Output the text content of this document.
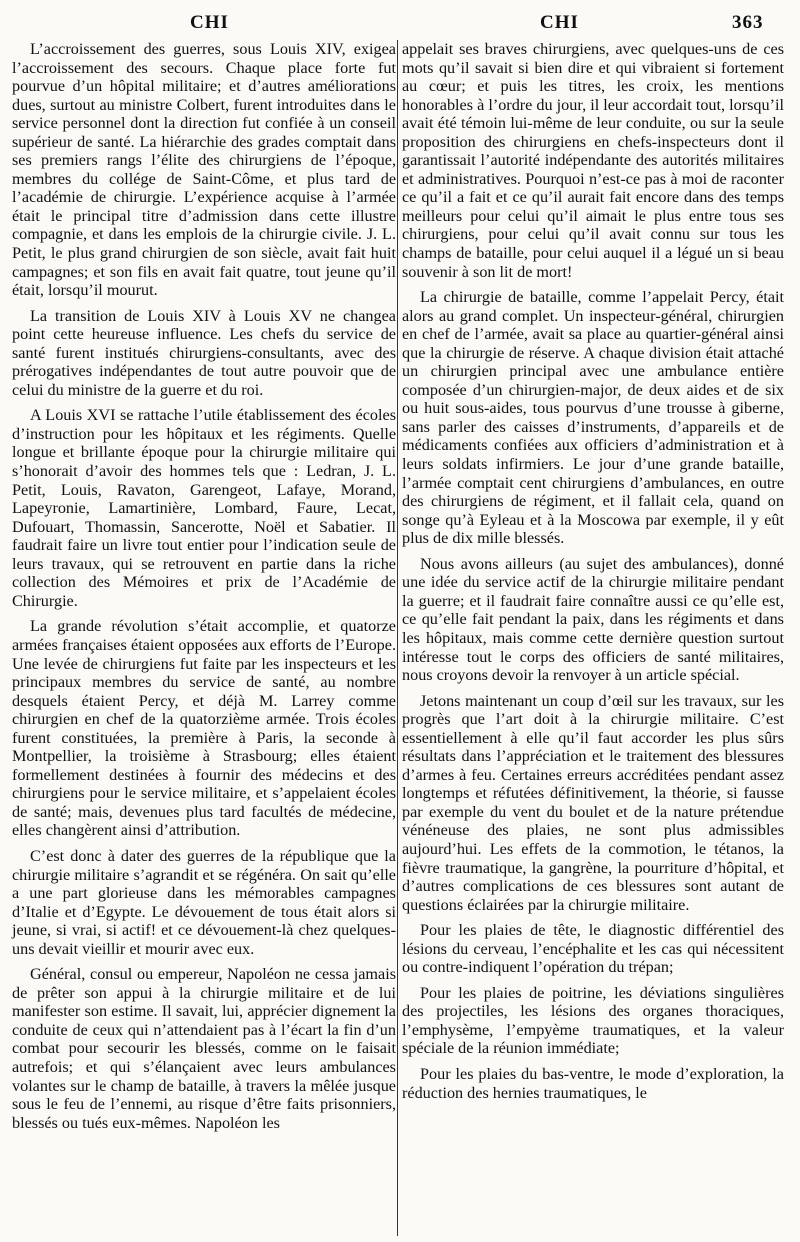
CHI	CHI	363

L’accroissement des guerres, sous Louis XIV, exigea l’accroissement des secours. Chaque place forte fut pourvue d’un hôpital militaire; et d’autres améliorations dues, surtout au ministre Colbert, furent introduites dans le service personnel dont la direction fut confiée à un conseil supérieur de santé. La hiérarchie des grades comptait dans ses premiers rangs l’élite des chirurgiens de l’époque, membres du collége de Saint-Côme, et plus tard de l’académie de chirurgie. L’expérience acquise à l’armée était le principal titre d’admission dans cette illustre compagnie, et dans les emplois de la chirurgie civile. J. L. Petit, le plus grand chirurgien de son siècle, avait fait huit campagnes; et son fils en avait fait quatre, tout jeune qu’il était, lorsqu’il mourut.

La transition de Louis XIV à Louis XV ne changea point cette heureuse influence. Les chefs du service de santé furent institués chirurgiens-consultants, avec des prérogatives indépendantes de tout autre pouvoir que de celui du ministre de la guerre et du roi.

A Louis XVI se rattache l’utile établissement des écoles d’instruction pour les hôpitaux et les régiments. Quelle longue et brillante époque pour la chirurgie militaire qui s’honorait d’avoir des hommes tels que : Ledran, J. L. Petit, Louis, Ravaton, Garengeot, Lafaye, Morand, Lapeyronie, Lamartinière, Lombard, Faure, Lecat, Dufouart, Thomassin, Sancerotte, Noël et Sabatier. Il faudrait faire un livre tout entier pour l’indication seule de leurs travaux, qui se retrouvent en partie dans la riche collection des Mémoires et prix de l’Académie de Chirurgie.

La grande révolution s’était accomplie, et quatorze armées françaises étaient opposées aux efforts de l’Europe. Une levée de chirurgiens fut faite par les inspecteurs et les principaux membres du service de santé, au nombre desquels étaient Percy, et déjà M. Larrey comme chirurgien en chef de la quatorzième armée. Trois écoles furent constituées, la première à Paris, la seconde à Montpellier, la troisième à Strasbourg; elles étaient formellement destinées à fournir des médecins et des chirurgiens pour le service militaire, et s’appelaient écoles de santé; mais, devenues plus tard facultés de médecine, elles changèrent ainsi d’attribution.

C’est donc à dater des guerres de la république que la chirurgie militaire s’agrandit et se régénéra. On sait qu’elle a une part glorieuse dans les mémorables campagnes d’Italie et d’Egypte. Le dévouement de tous était alors si jeune, si vrai, si actif! et ce dévouement-là chez quelques-uns devait vieillir et mourir avec eux.

Général, consul ou empereur, Napoléon ne cessa jamais de prêter son appui à la chirurgie militaire et de lui manifester son estime. Il savait, lui, apprécier dignement la conduite de ceux qui n’attendaient pas à l’écart la fin d’un combat pour secourir les blessés, comme on le faisait autrefois; et qui s’élançaient avec leurs ambulances volantes sur le champ de bataille, à travers la mêlée jusque sous le feu de l’ennemi, au risque d’être faits prisonniers, blessés ou tués eux-mêmes. Napoléon les

appelait ses braves chirurgiens, avec quelques-uns de ces mots qu’il savait si bien dire et qui vibraient si fortement au cœur; et puis les titres, les croix, les mentions honorables à l’ordre du jour, il leur accordait tout, lorsqu’il avait été témoin lui-même de leur conduite, ou sur la seule proposition des chirurgiens en chefs-inspecteurs dont il garantissait l’autorité indépendante des autorités militaires et administratives. Pourquoi n’est-ce pas à moi de raconter ce qu’il a fait et ce qu’il aurait fait encore dans des temps meilleurs pour celui qu’il aimait le plus entre tous ses chirurgiens, pour celui qu’il avait connu sur tous les champs de bataille, pour celui auquel il a légué un si beau souvenir à son lit de mort!

La chirurgie de bataille, comme l’appelait Percy, était alors au grand complet. Un inspecteur-général, chirurgien en chef de l’armée, avait sa place au quartier-général ainsi que la chirurgie de réserve. A chaque division était attaché un chirurgien principal avec une ambulance entière composée d’un chirurgien-major, de deux aides et de six ou huit sous-aides, tous pourvus d’une trousse à giberne, sans parler des caisses d’instruments, d’appareils et de médicaments confiées aux officiers d’administration et à leurs soldats infirmiers. Le jour d’une grande bataille, l’armée comptait cent chirurgiens d’ambulances, en outre des chirurgiens de régiment, et il fallait cela, quand on songe qu’à Eyleau et à la Moscowa par exemple, il y eût plus de dix mille blessés.

Nous avons ailleurs (au sujet des ambulances), donné une idée du service actif de la chirurgie militaire pendant la guerre; et il faudrait faire connaître aussi ce qu’elle est, ce qu’elle fait pendant la paix, dans les régiments et dans les hôpitaux, mais comme cette dernière question surtout intéresse tout le corps des officiers de santé militaires, nous croyons devoir la renvoyer à un article spécial.

Jetons maintenant un coup d’œil sur les travaux, sur les progrès que l’art doit à la chirurgie militaire. C’est essentiellement à elle qu’il faut accorder les plus sûrs résultats dans l’appréciation et le traitement des blessures d’armes à feu. Certaines erreurs accréditées pendant assez longtemps et réfutées définitivement, la théorie, si fausse par exemple du vent du boulet et de la nature prétendue vénéneuse des plaies, ne sont plus admissibles aujourd’hui. Les effets de la commotion, le tétanos, la fièvre traumatique, la gangrène, la pourriture d’hôpital, et d’autres complications de ces blessures sont autant de questions éclairées par la chirurgie militaire.

Pour les plaies de tête, le diagnostic différentiel des lésions du cerveau, l’encéphalite et les cas qui nécessitent ou contre-indiquent l’opération du trépan;

Pour les plaies de poitrine, les déviations singulières des projectiles, les lésions des organes thoraciques, l’emphysème, l’empyème traumatiques, et la valeur spéciale de la réunion immédiate;

Pour les plaies du bas-ventre, le mode d’exploration, la réduction des hernies traumatiques, le
